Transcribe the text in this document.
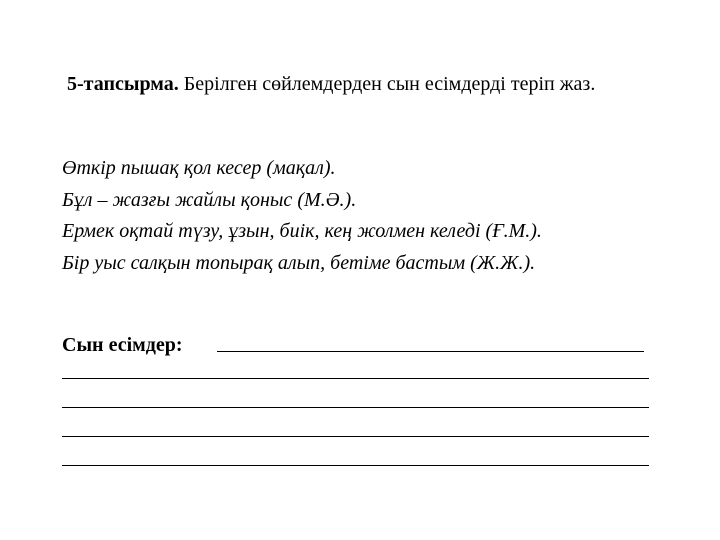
5-тапсырма. Берілген сөйлемдерден сын есімдерді теріп жаз.
Өткір пышақ қол кесер (мақал).
Бұл – жазғы жайлы қоныс (М.Ә.).
Ермек оқтай түзу, ұзын, биік, кең жолмен келеді (Ғ.М.).
Бір уыс салқын топырақ алып, бетіме бастым (Ж.Ж.).
Сын есімдер:
